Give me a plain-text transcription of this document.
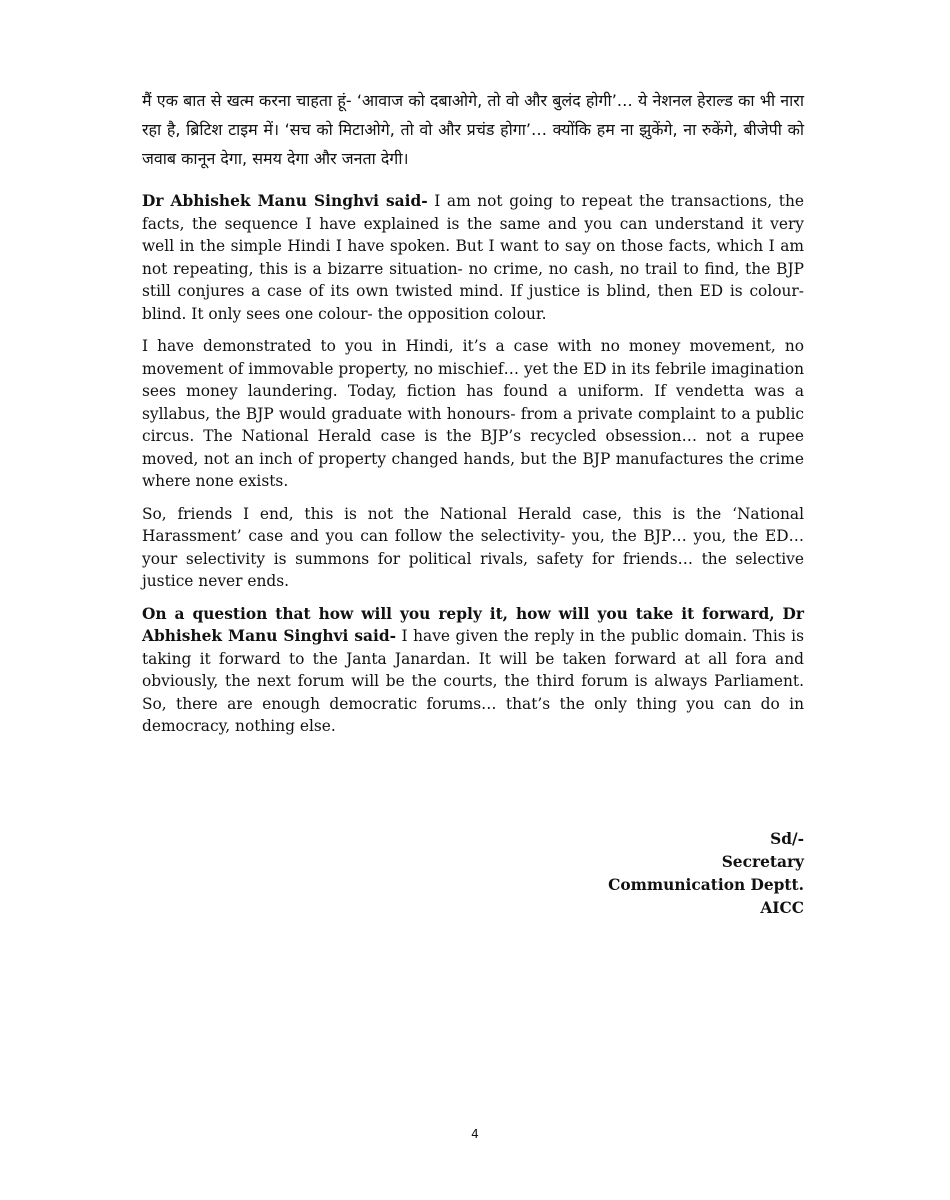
मैं एक बात से खत्म करना चाहता हूं- ‘आवाज को दबाओगे, तो वो और बुलंद होगी’… ये नेशनल हेराल्ड का भी नारा रहा है, ब्रिटिश टाइम में। ‘सच को मिटाओगे, तो वो और प्रचंड होगा’… क्योंकि हम ना झुकेंगे, ना रुकेंगे, बीजेपी को जवाब कानून देगा, समय देगा और जनता देगी।

Dr Abhishek Manu Singhvi said- I am not going to repeat the transactions, the facts, the sequence I have explained is the same and you can understand it very well in the simple Hindi I have spoken. But I want to say on those facts, which I am not repeating, this is a bizarre situation- no crime, no cash, no trail to find, the BJP still conjures a case of its own twisted mind. If justice is blind, then ED is colour- blind. It only sees one colour- the opposition colour.

I have demonstrated to you in Hindi, it’s a case with no money movement, no movement of immovable property, no mischief… yet the ED in its febrile imagination sees money laundering. Today, fiction has found a uniform. If vendetta was a syllabus, the BJP would graduate with honours- from a private complaint to a public circus. The National Herald case is the BJP’s recycled obsession… not a rupee moved, not an inch of property changed hands, but the BJP manufactures the crime where none exists.

So, friends I end, this is not the National Herald case, this is the ‘National Harassment’ case and you can follow the selectivity- you, the BJP… you, the ED… your selectivity is summons for political rivals, safety for friends… the selective justice never ends.

On a question that how will you reply it, how will you take it forward, Dr Abhishek Manu Singhvi said- I have given the reply in the public domain. This is taking it forward to the Janta Janardan. It will be taken forward at all fora and obviously, the next forum will be the courts, the third forum is always Parliament. So, there are enough democratic forums… that’s the only thing you can do in democracy, nothing else.

Sd/-
Secretary
Communication Deptt.
AICC
4
